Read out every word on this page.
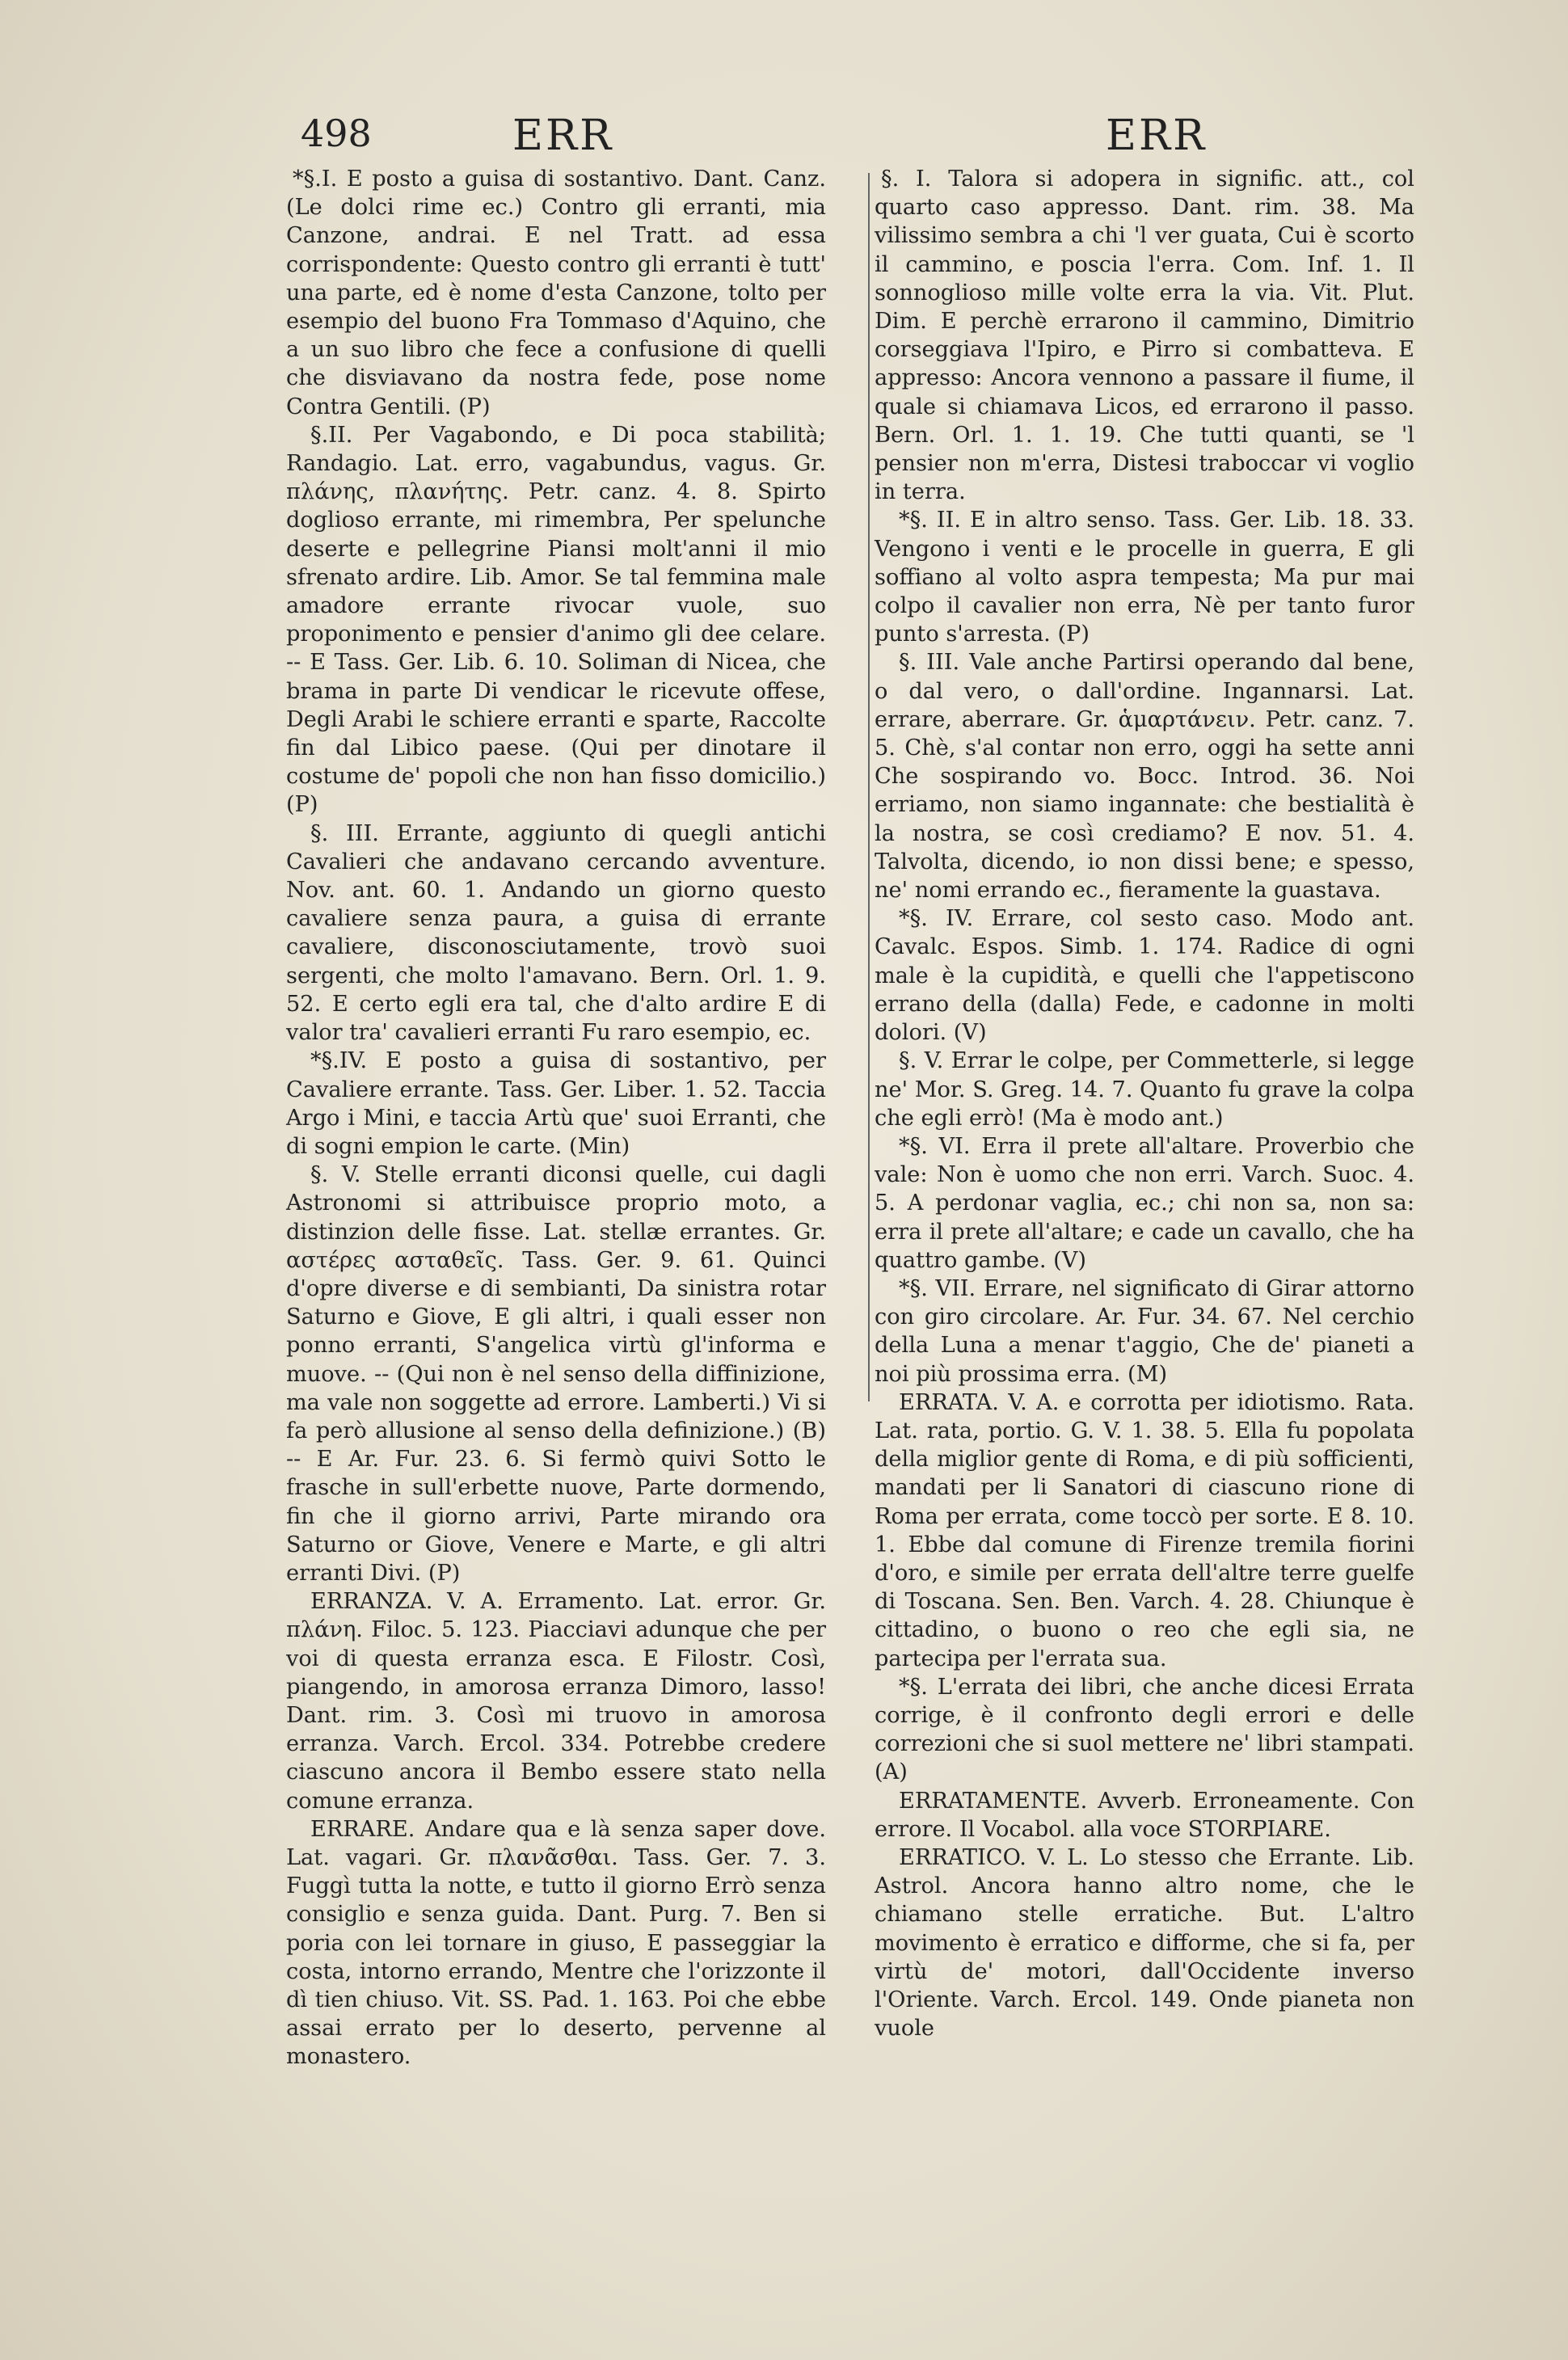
498	ERR	ERR

*§.I. E posto a guisa di sostantivo. Dant. Canz. (Le dolci rime ec.) Contro gli erranti, mia Canzone, andrai. E nel Tratt. ad essa corrispondente: Questo contro gli erranti è tutt' una parte, ed è nome d'esta Canzone, tolto per esempio del buono Fra Tommaso d'Aquino, che a un suo libro che fece a confusione di quelli che disviavano da nostra fede, pose nome Contra Gentili. (P)

§.II. Per Vagabondo, e Di poca stabilità; Randagio. Lat. erro, vagabundus, vagus. Gr. πλάνης, πλανήτης. Petr. canz. 4. 8. Spirto doglioso errante, mi rimembra, Per spelunche deserte e pellegrine Piansi molt'anni il mio sfrenato ardire. Lib. Amor. Se tal femmina male amadore errante rivocar vuole, suo proponimento e pensier d'animo gli dee celare. -- E Tass. Ger. Lib. 6. 10. Soliman di Nicea, che brama in parte Di vendicar le ricevute offese, Degli Arabi le schiere erranti e sparte, Raccolte fin dal Libico paese. (Qui per dinotare il costume de' popoli che non han fisso domicilio.) (P)

§. III. Errante, aggiunto di quegli antichi Cavalieri che andavano cercando avventure. Nov. ant. 60. 1. Andando un giorno questo cavaliere senza paura, a guisa di errante cavaliere, disconosciutamente, trovò suoi sergenti, che molto l'amavano. Bern. Orl. 1. 9. 52. E certo egli era tal, che d'alto ardire E di valor tra' cavalieri erranti Fu raro esempio, ec.

*§.IV. E posto a guisa di sostantivo, per Cavaliere errante. Tass. Ger. Liber. 1. 52. Taccia Argo i Mini, e taccia Artù que' suoi Erranti, che di sogni empion le carte. (Min)

§. V. Stelle erranti diconsi quelle, cui dagli Astronomi si attribuisce proprio moto, a distinzion delle fisse. Lat. stellæ errantes. Gr. αστέρες ασταθεῖς. Tass. Ger. 9. 61. Quinci d'opre diverse e di sembianti, Da sinistra rotar Saturno e Giove, E gli altri, i quali esser non ponno erranti, S'angelica virtù gl'informa e muove. -- (Qui non è nel senso della diffinizione, ma vale non soggette ad errore. Lamberti.) Vi si fa però allusione al senso della definizione.) (B) -- E Ar. Fur. 23. 6. Si fermò quivi Sotto le frasche in sull'erbette nuove, Parte dormendo, fin che il giorno arrivi, Parte mirando ora Saturno or Giove, Venere e Marte, e gli altri erranti Divi. (P)

ERRANZA. V. A. Erramento. Lat. error. Gr. πλάνη. Filoc. 5. 123. Piacciavi adunque che per voi di questa erranza esca. E Filostr. Così, piangendo, in amorosa erranza Dimoro, lasso! Dant. rim. 3. Così mi truovo in amorosa erranza. Varch. Ercol. 334. Potrebbe credere ciascuno ancora il Bembo essere stato nella comune erranza.

ERRARE. Andare qua e là senza saper dove. Lat. vagari. Gr. πλανᾶσθαι. Tass. Ger. 7. 3. Fuggì tutta la notte, e tutto il giorno Errò senza consiglio e senza guida. Dant. Purg. 7. Ben si poria con lei tornare in giuso, E passeggiar la costa, intorno errando, Mentre che l'orizzonte il dì tien chiuso. Vit. SS. Pad. 1. 163. Poi che ebbe assai errato per lo deserto, pervenne al monastero.

§. I. Talora si adopera in signific. att., col quarto caso appresso. Dant. rim. 38. Ma vilissimo sembra a chi 'l ver guata, Cui è scorto il cammino, e poscia l'erra. Com. Inf. 1. Il sonnoglioso mille volte erra la via. Vit. Plut. Dim. E perchè erraronо il cammino, Dimitrio corseggiava l'Ipiro, e Pirro si combatteva. E appresso: Ancora vennono a passare il fiume, il quale si chiamava Licos, ed erraronо il passo. Bern. Orl. 1. 1. 19. Che tutti quanti, se 'l pensier non m'erra, Distesi traboccar vi voglio in terra.

*§. II. E in altro senso. Tass. Ger. Lib. 18. 33. Vengono i venti e le procelle in guerra, E gli soffiano al volto aspra tempesta; Ma pur mai colpo il cavalier non erra, Nè per tanto furor punto s'arresta. (P)

§. III. Vale anche Partirsi operando dal bene, o dal vero, o dall'ordine. Ingannarsi. Lat. errare, aberrare. Gr. ἁμαρτάνειν. Petr. canz. 7. 5. Chè, s'al contar non erro, oggi ha sette anni Che sospirando vo. Bocc. Introd. 36. Noi erriamo, non siamo ingannate: che bestialità è la nostra, se così crediamo? E nov. 51. 4. Talvolta, dicendo, io non dissi bene; e spesso, ne' nomi errando ec., fieramente la guastava.

*§. IV. Errare, col sesto caso. Modo ant. Cavalc. Espos. Simb. 1. 174. Radice di ogni male è la cupidità, e quelli che l'appetiscono errano della (dalla) Fede, e cadonne in molti dolori. (V)

§. V. Errar le colpe, per Commetterle, si legge ne' Mor. S. Greg. 14. 7. Quanto fu grave la colpa che egli errò! (Ma è modo ant.)

*§. VI. Erra il prete all'altare. Proverbio che vale: Non è uomo che non erri. Varch. Suoc. 4. 5. A perdonar vaglia, ec.; chi non sa, non sa: erra il prete all'altare; e cade un cavallo, che ha quattro gambe. (V)

*§. VII. Errare, nel significato di Girar attorno con giro circolare. Ar. Fur. 34. 67. Nel cerchio della Luna a menar t'aggio, Che de' pianeti a noi più prossima erra. (M)

ERRATA. V. A. e corrotta per idiotismo. Rata. Lat. rata, portio. G. V. 1. 38. 5. Ella fu popolata della miglior gente di Roma, e di più sofficienti, mandati per li Sanatori di ciascuno rione di Roma per errata, come toccò per sorte. E 8. 10. 1. Ebbe dal comune di Firenze tremila fiorini d'oro, e simile per errata dell'altre terre guelfe di Toscana. Sen. Ben. Varch. 4. 28. Chiunque è cittadino, o buono o reo che egli sia, ne partecipa per l'errata sua.

*§. L'errata dei libri, che anche dicesi Errata corrige, è il confronto degli errori e delle correzioni che si suol mettere ne' libri stampati. (A)

ERRATAMENTE. Avverb. Erroneamente. Con errore. Il Vocabol. alla voce STORPIARE.

ERRATICO. V. L. Lo stesso che Errante. Lib. Astrol. Ancora hanno altro nome, che le chiamano stelle erratiche. But. L'altro movimento è erratico e difforme, che si fa, per virtù de' motori, dall'Occidente inverso l'Oriente. Varch. Ercol. 149. Onde pianeta non vuole
